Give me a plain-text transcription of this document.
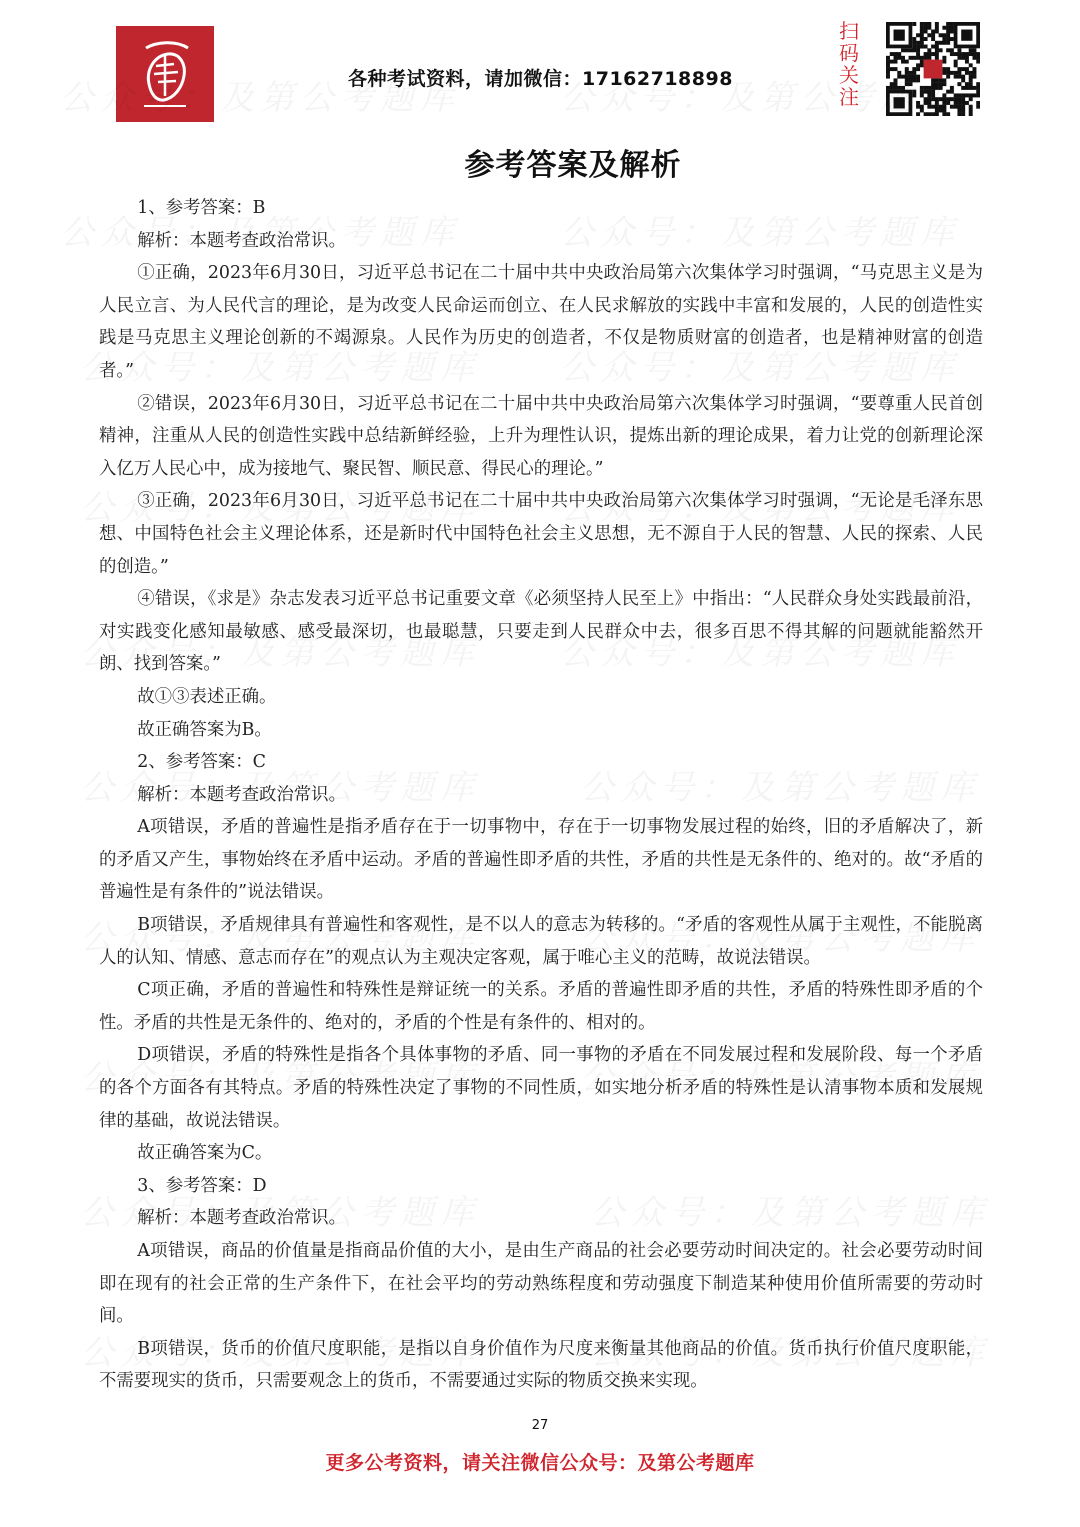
各种考试资料，请加微信：17162718898
扫
码
关
注
参考答案及解析

1、参考答案：B

解析：本题考查政治常识。

①正确，2023年6月30日，习近平总书记在二十届中共中央政治局第六次集体学习时强调，“马克思主义是为人民立言、为人民代言的理论，是为改变人民命运而创立、在人民求解放的实践中丰富和发展的，人民的创造性实践是马克思主义理论创新的不竭源泉。人民作为历史的创造者，不仅是物质财富的创造者，也是精神财富的创造者。”

②错误，2023年6月30日，习近平总书记在二十届中共中央政治局第六次集体学习时强调，“要尊重人民首创精神，注重从人民的创造性实践中总结新鲜经验，上升为理性认识，提炼出新的理论成果，着力让党的创新理论深入亿万人民心中，成为接地气、聚民智、顺民意、得民心的理论。”

③正确，2023年6月30日，习近平总书记在二十届中共中央政治局第六次集体学习时强调，“无论是毛泽东思想、中国特色社会主义理论体系，还是新时代中国特色社会主义思想，无不源自于人民的智慧、人民的探索、人民的创造。”

④错误，《求是》杂志发表习近平总书记重要文章《必须坚持人民至上》中指出：“人民群众身处实践最前沿，对实践变化感知最敏感、感受最深切，也最聪慧，只要走到人民群众中去，很多百思不得其解的问题就能豁然开朗、找到答案。”

故①③表述正确。

故正确答案为B。

2、参考答案：C

解析：本题考查政治常识。

A项错误，矛盾的普遍性是指矛盾存在于一切事物中，存在于一切事物发展过程的始终，旧的矛盾解决了，新的矛盾又产生，事物始终在矛盾中运动。矛盾的普遍性即矛盾的共性，矛盾的共性是无条件的、绝对的。故“矛盾的普遍性是有条件的”说法错误。

B项错误，矛盾规律具有普遍性和客观性，是不以人的意志为转移的。“矛盾的客观性从属于主观性，不能脱离人的认知、情感、意志而存在”的观点认为主观决定客观，属于唯心主义的范畴，故说法错误。

C项正确，矛盾的普遍性和特殊性是辩证统一的关系。矛盾的普遍性即矛盾的共性，矛盾的特殊性即矛盾的个性。矛盾的共性是无条件的、绝对的，矛盾的个性是有条件的、相对的。

D项错误，矛盾的特殊性是指各个具体事物的矛盾、同一事物的矛盾在不同发展过程和发展阶段、每一个矛盾的各个方面各有其特点。矛盾的特殊性决定了事物的不同性质，如实地分析矛盾的特殊性是认清事物本质和发展规律的基础，故说法错误。

故正确答案为C。

3、参考答案：D

解析：本题考查政治常识。

A项错误，商品的价值量是指商品价值的大小，是由生产商品的社会必要劳动时间决定的。社会必要劳动时间即在现有的社会正常的生产条件下，在社会平均的劳动熟练程度和劳动强度下制造某种使用价值所需要的劳动时间。

B项错误，货币的价值尺度职能，是指以自身价值作为尺度来衡量其他商品的价值。货币执行价值尺度职能，不需要现实的货币，只需要观念上的货币，不需要通过实际的物质交换来实现。

27
更多公考资料，请关注微信公众号：及第公考题库
